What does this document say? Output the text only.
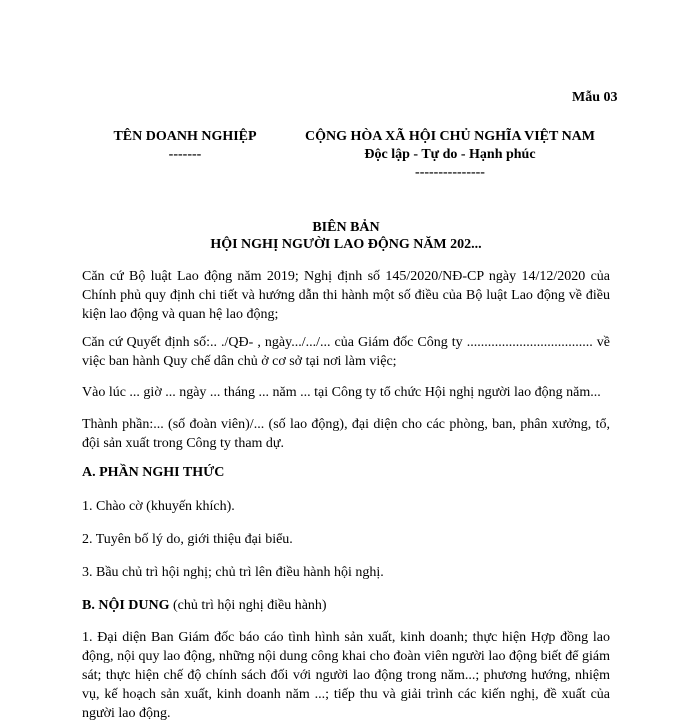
Mẫu 03
TÊN DOANH NGHIỆP
-------
CỘNG HÒA XÃ HỘI CHỦ NGHĨA VIỆT NAM
Độc lập - Tự do - Hạnh phúc
---------------
BIÊN BẢN
HỘI NGHỊ NGƯỜI LAO ĐỘNG NĂM 202...
Căn cứ Bộ luật Lao động năm 2019; Nghị định số 145/2020/NĐ-CP ngày 14/12/2020 của Chính phủ quy định chi tiết và hướng dẫn thi hành một số điều của Bộ luật Lao động về điều kiện lao động và quan hệ lao động;
Căn cứ Quyết định số:.. ./QĐ- , ngày.../.../... của Giám đốc Công ty .................................... về việc ban hành Quy chế dân chủ ở cơ sở tại nơi làm việc;
Vào lúc ... giờ ... ngày ... tháng ... năm ... tại Công ty tổ chức Hội nghị người lao động năm...
Thành phần:... (số đoàn viên)/... (số lao động), đại diện cho các phòng, ban, phân xưởng, tổ, đội sản xuất trong Công ty tham dự.
A. PHẦN NGHI THỨC
1. Chào cờ (khuyến khích).
2. Tuyên bố lý do, giới thiệu đại biểu.
3. Bầu chủ trì hội nghị; chủ trì lên điều hành hội nghị.
B. NỘI DUNG (chủ trì hội nghị điều hành)
1. Đại diện Ban Giám đốc báo cáo tình hình sản xuất, kinh doanh; thực hiện Hợp đồng lao động, nội quy lao động, những nội dung công khai cho đoàn viên người lao động biết để giám sát; thực hiện chế độ chính sách đối với người lao động trong năm...; phương hướng, nhiệm vụ, kế hoạch sản xuất, kinh doanh năm ...; tiếp thu và giải trình các kiến nghị, đề xuất của người lao động.
